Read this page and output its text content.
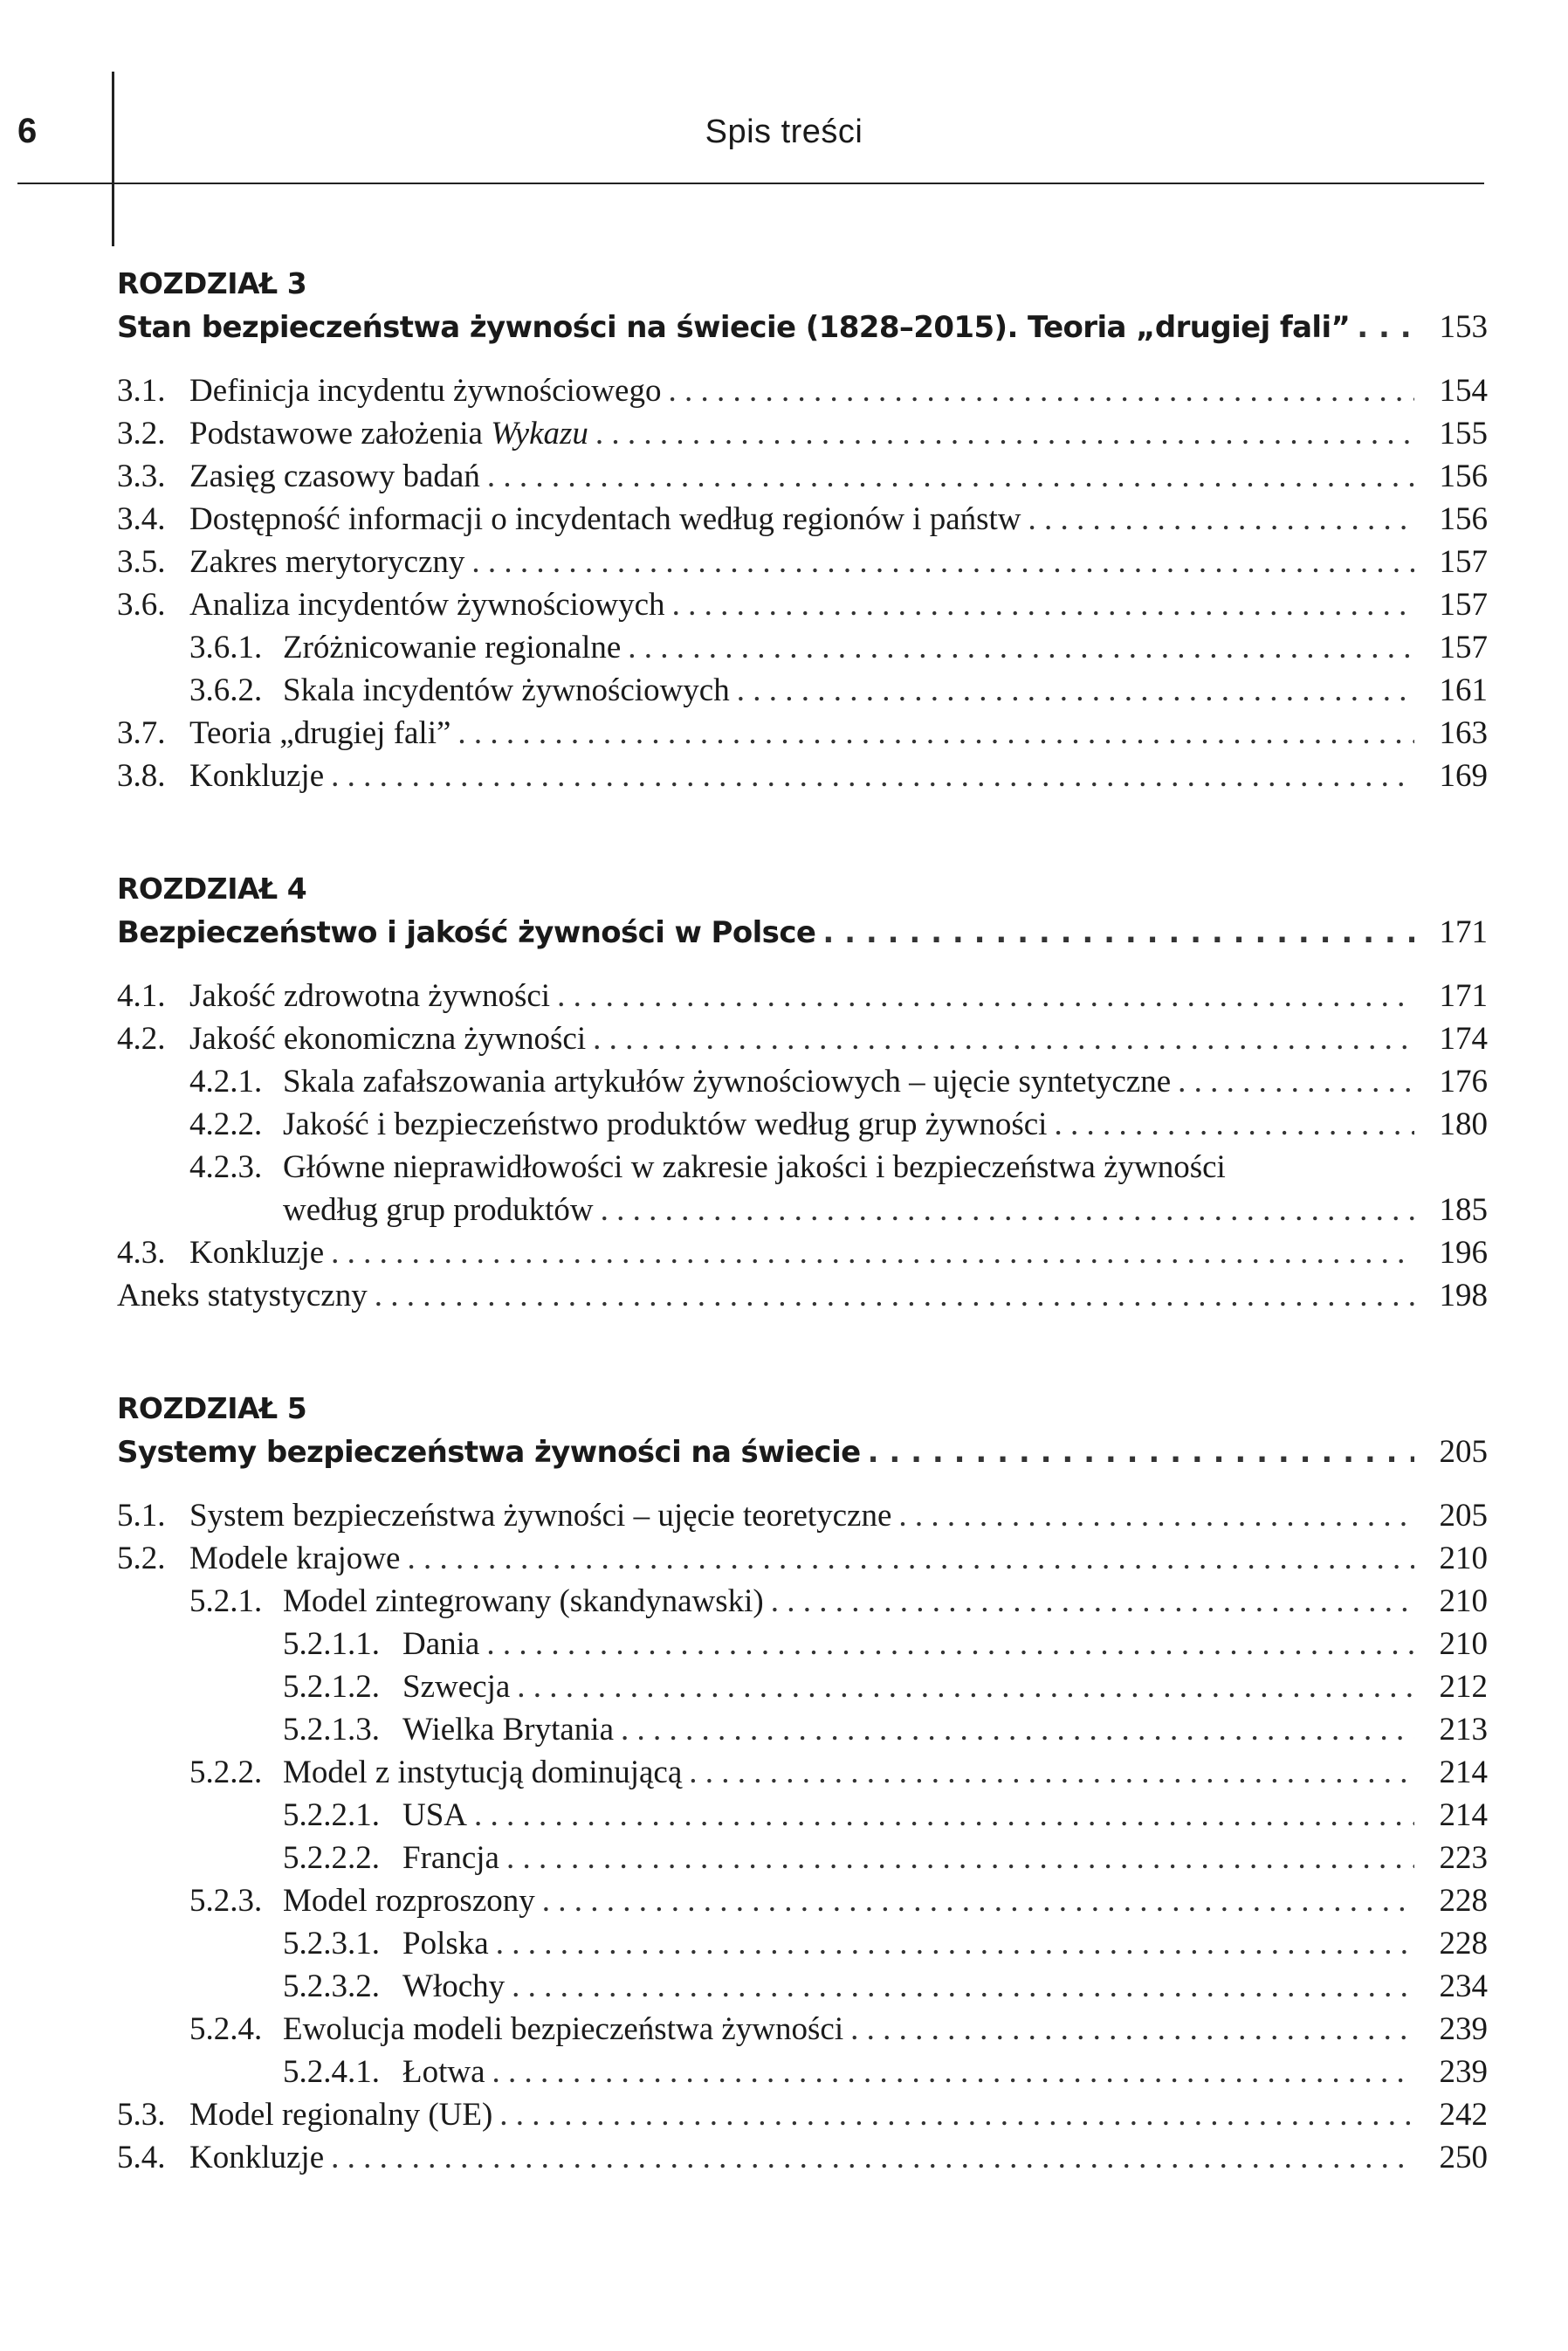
6	Spis treści
ROZDZIAŁ 3
Stan bezpieczeństwa żywności na świecie (1828–2015). Teoria „drugiej fali” . . .	153
3.1. Definicja incydentu żywnościowego . . .	154
3.2. Podstawowe założenia Wykazu . . .	155
3.3. Zasięg czasowy badań . . .	156
3.4. Dostępność informacji o incydentach według regionów i państw . . .	156
3.5. Zakres merytoryczny . . .	157
3.6. Analiza incydentów żywnościowych . . .	157
3.6.1. Zróżnicowanie regionalne . . .	157
3.6.2. Skala incydentów żywnościowych . . .	161
3.7. Teoria „drugiej fali” . . .	163
3.8. Konkluzje . . .	169
ROZDZIAŁ 4
Bezpieczeństwo i jakość żywności w Polsce . . .	171
4.1. Jakość zdrowotna żywności . . .	171
4.2. Jakość ekonomiczna żywności . . .	174
4.2.1. Skala zafałszowania artykułów żywnościowych – ujęcie syntetyczne . . .	176
4.2.2. Jakość i bezpieczeństwo produktów według grup żywności . . .	180
4.2.3. Główne nieprawidłowości w zakresie jakości i bezpieczeństwa żywności
według grup produktów . . .	185
4.3. Konkluzje . . .	196
Aneks statystyczny . . .	198
ROZDZIAŁ 5
Systemy bezpieczeństwa żywności na świecie . . .	205
5.1. System bezpieczeństwa żywności – ujęcie teoretyczne . . .	205
5.2. Modele krajowe . . .	210
5.2.1. Model zintegrowany (skandynawski) . . .	210
5.2.1.1. Dania . . .	210
5.2.1.2. Szwecja . . .	212
5.2.1.3. Wielka Brytania . . .	213
5.2.2. Model z instytucją dominującą . . .	214
5.2.2.1. USA . . .	214
5.2.2.2. Francja . . .	223
5.2.3. Model rozproszony . . .	228
5.2.3.1. Polska . . .	228
5.2.3.2. Włochy . . .	234
5.2.4. Ewolucja modeli bezpieczeństwa żywności . . .	239
5.2.4.1. Łotwa . . .	239
5.3. Model regionalny (UE) . . .	242
5.4. Konkluzje . . .	250
